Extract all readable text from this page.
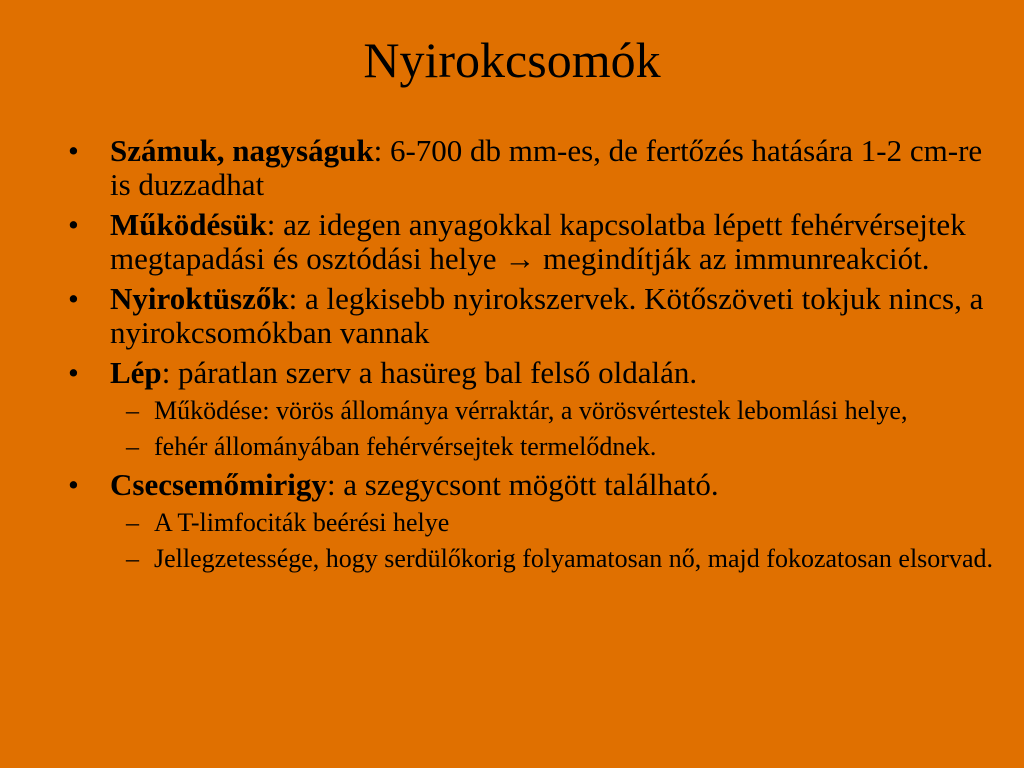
Nyirokcsomók
•	Számuk, nagyságuk: 6-700 db mm-es, de fertőzés hatására 1-2 cm-re is duzzadhat
•	Működésük: az idegen anyagokkal kapcsolatba lépett fehérvérsejtek megtapadási és osztódási helye → megindítják az immunreakciót.
•	Nyiroktüszők: a legkisebb nyirokszervek. Kötőszöveti tokjuk nincs, a nyirokcsomókban vannak
•	Lép: páratlan szerv a hasüreg bal felső oldalán.
– Működése: vörös állománya vérraktár, a vörösvértestek lebomlási helye,
– fehér állományában fehérvérsejtek termelődnek.
•	Csecsemőmirigy: a szegycsont mögött található.
– A T-limfociták beérési helye
– Jellegzetessége, hogy serdülőkorig folyamatosan nő, majd fokozatosan elsorvad.
